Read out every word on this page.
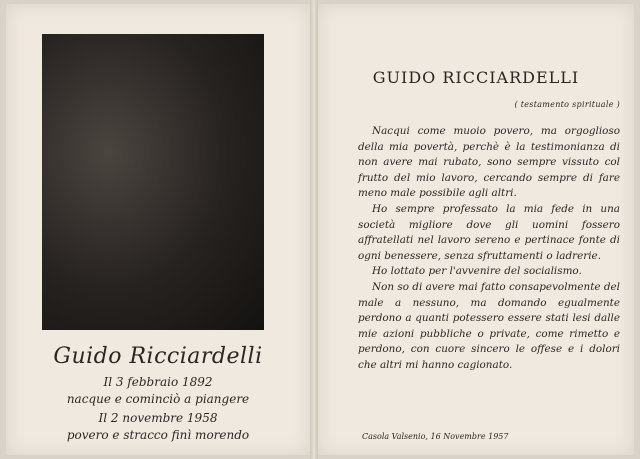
Guido Ricciardelli
Il 3 febbraio 1892
nacque e cominciò a piangere
Il 2 novembre 1958
povero e stracco finì morendo
GUIDO RICCIARDELLI
( testamento spirituale )

Nacqui come muoio povero, ma orgoglioso della mia povertà, perchè è la testimonianza di non avere mai rubato, sono sempre vissuto col frutto del mio lavoro, cercando sempre di fare meno male possibile agli altri.

Ho sempre professato la mia fede in una società migliore dove gli uomini fossero affratellati nel lavoro sereno e pertinace fonte di ogni benessere, senza sfruttamenti o ladrerie.

Ho lottato per l'avvenire del socialismo.

Non so di avere mai fatto consapevolmente del male a nessuno, ma domando egualmente perdono a quanti potessero essere stati lesi dalle mie azioni pubbliche o private, come rimetto e perdono, con cuore sincero le offese e i dolori che altri mi hanno cagionato.

Casola Valsenio, 16 Novembre 1957
